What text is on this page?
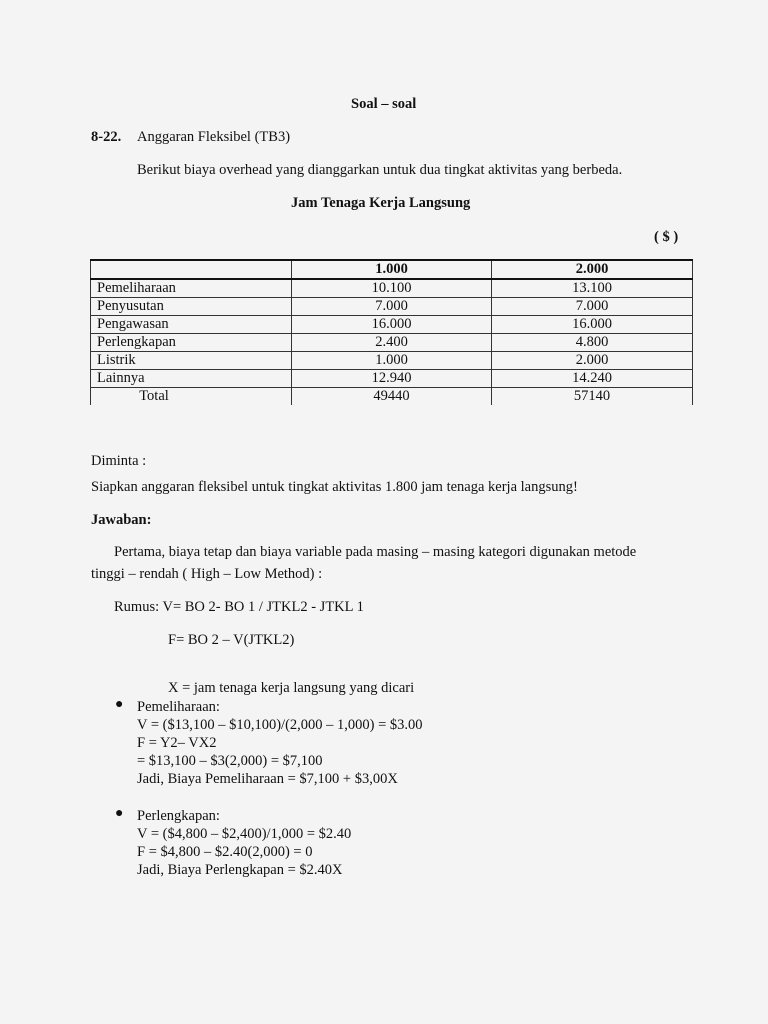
Soal – soal
8-22. Anggaran Fleksibel (TB3)
Berikut biaya overhead yang dianggarkan untuk dua tingkat aktivitas yang berbeda.
Jam Tenaga Kerja Langsung
( $ )
	1.000	2.000
Pemeliharaan	10.100	13.100
Penyusutan	7.000	7.000
Pengawasan	16.000	16.000
Perlengkapan	2.400	4.800
Listrik	1.000	2.000
Lainnya	12.940	14.240
Total	49440	57140
Diminta :
Siapkan anggaran fleksibel untuk tingkat aktivitas 1.800 jam tenaga kerja langsung!
Jawaban:
Pertama, biaya tetap dan biaya variable pada masing – masing kategori digunakan metode
tinggi – rendah ( High – Low Method) :
Rumus: V= BO 2- BO 1 / JTKL2 - JTKL 1
F= BO 2 – V(JTKL2)
X = jam tenaga kerja langsung yang dicari
● Pemeliharaan:
V = ($13,100 – $10,100)/(2,000 – 1,000) = $3.00
F = Y2– VX2
= $13,100 – $3(2,000) = $7,100
Jadi, Biaya Pemeliharaan = $7,100 + $3,00X
● Perlengkapan:
V = ($4,800 – $2,400)/1,000 = $2.40
F = $4,800 – $2.40(2,000) = 0
Jadi, Biaya Perlengkapan = $2.40X
